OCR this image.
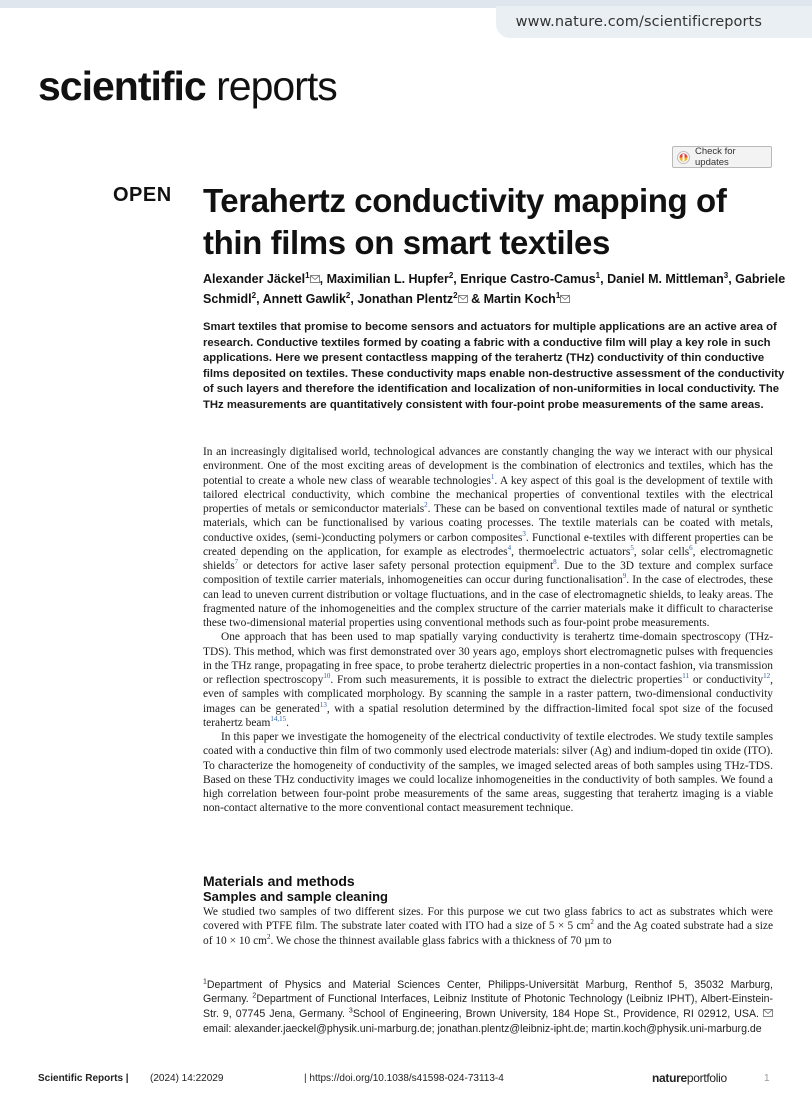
www.nature.com/scientificreports
scientific reports
Check for updates
OPEN Terahertz conductivity mapping of
thin films on smart textiles
Alexander Jäckel$^1$ , Maximilian L. Hupfer$^2$, Enrique Castro-Camus$^1$, Daniel M. Mittleman$^3$, Gabriele Schmidl$^2$, Annett Gawlik$^2$, Jonathan Plentz$^2$ & Martin Koch$^1$
Smart textiles that promise to become sensors and actuators for multiple applications are an active area of research. Conductive textiles formed by coating a fabric with a conductive film will play a key role in such applications. Here we present contactless mapping of the terahertz (THz) conductivity of thin conductive films deposited on textiles. These conductivity maps enable non-destructive assessment of the conductivity of such layers and therefore the identification and localization of non-uniformities in local conductivity. The THz measurements are quantitatively consistent with four-point probe measurements of the same areas.

In an increasingly digitalised world, technological advances are constantly changing the way we interact with our physical environment. One of the most exciting areas of development is the combination of electronics and textiles, which has the potential to create a whole new class of wearable technologies$^1$. A key aspect of this goal is the development of textile with tailored electrical conductivity, which combine the mechanical properties of conventional textiles with the electrical properties of metals or semiconductor materials$^2$. These can be based on conventional textiles made of natural or synthetic materials, which can be functionalised by various coating processes. The textile materials can be coated with metals, conductive oxides, (semi-)conducting polymers or carbon composites$^3$. Functional e-textiles with different properties can be created depending on the application, for example as electrodes$^4$, thermoelectric actuators$^5$, solar cells$^6$, electromagnetic shields$^7$ or detectors for active laser safety personal protection equipment$^8$. Due to the 3D texture and complex surface composition of textile carrier materials, inhomogeneities can occur during functionalisation$^9$. In the case of electrodes, these can lead to uneven current distribution or voltage fluctuations, and in the case of electromagnetic shields, to leaky areas. The fragmented nature of the inhomogeneities and the complex structure of the carrier materials make it difficult to characterise these two-dimensional material properties using conventional methods such as four-point probe measurements.

One approach that has been used to map spatially varying conductivity is terahertz time-domain spectroscopy (THz-TDS). This method, which was first demonstrated over 30 years ago, employs short electromagnetic pulses with frequencies in the THz range, propagating in free space, to probe terahertz dielectric properties in a non-contact fashion, via transmission or reflection spectroscopy$^{10}$. From such measurements, it is possible to extract the dielectric properties$^{11}$ or conductivity$^{12}$, even of samples with complicated morphology. By scanning the sample in a raster pattern, two-dimensional conductivity images can be generated$^{13}$, with a spatial resolution determined by the diffraction-limited focal spot size of the focused terahertz beam$^{14,15}$.

In this paper we investigate the homogeneity of the electrical conductivity of textile electrodes. We study textile samples coated with a conductive thin film of two commonly used electrode materials: silver (Ag) and indium-doped tin oxide (ITO). To characterize the homogeneity of conductivity of the samples, we imaged selected areas of both samples using THz-TDS. Based on these THz conductivity images we could localize inhomogeneities in the conductivity of both samples. We found a high correlation between four-point probe measurements of the same areas, suggesting that terahertz imaging is a viable non-contact alternative to the more conventional contact measurement technique.

Materials and methods
Samples and sample cleaning
We studied two samples of two different sizes. For this purpose we cut two glass fabrics to act as substrates which were covered with PTFE film. The substrate later coated with ITO had a size of 5 × 5 $cm^2$ and the Ag coated substrate had a size of 10 × 10 $cm^2$. We chose the thinnest available glass fabrics with a thickness of 70 µm to
$^1$Department of Physics and Material Sciences Center, Philipps-Universität Marburg, Renthof 5, 35032 Marburg, Germany. $^2$Department of Functional Interfaces, Leibniz Institute of Photonic Technology (Leibniz IPHT), Albert-Einstein-Str. 9, 07745 Jena, Germany. $^3$School of Engineering, Brown University, 184 Hope St., Providence, RI 02912, USA. email: alexander.jaeckel@physik.uni-marburg.de; jonathan.plentz@leibniz-ipht.de; martin.koch@physik.uni-marburg.de
Scientific Reports | (2024) 14:22029	| https://doi.org/10.1038/s41598-024-73113-4	natureportfolio	1
